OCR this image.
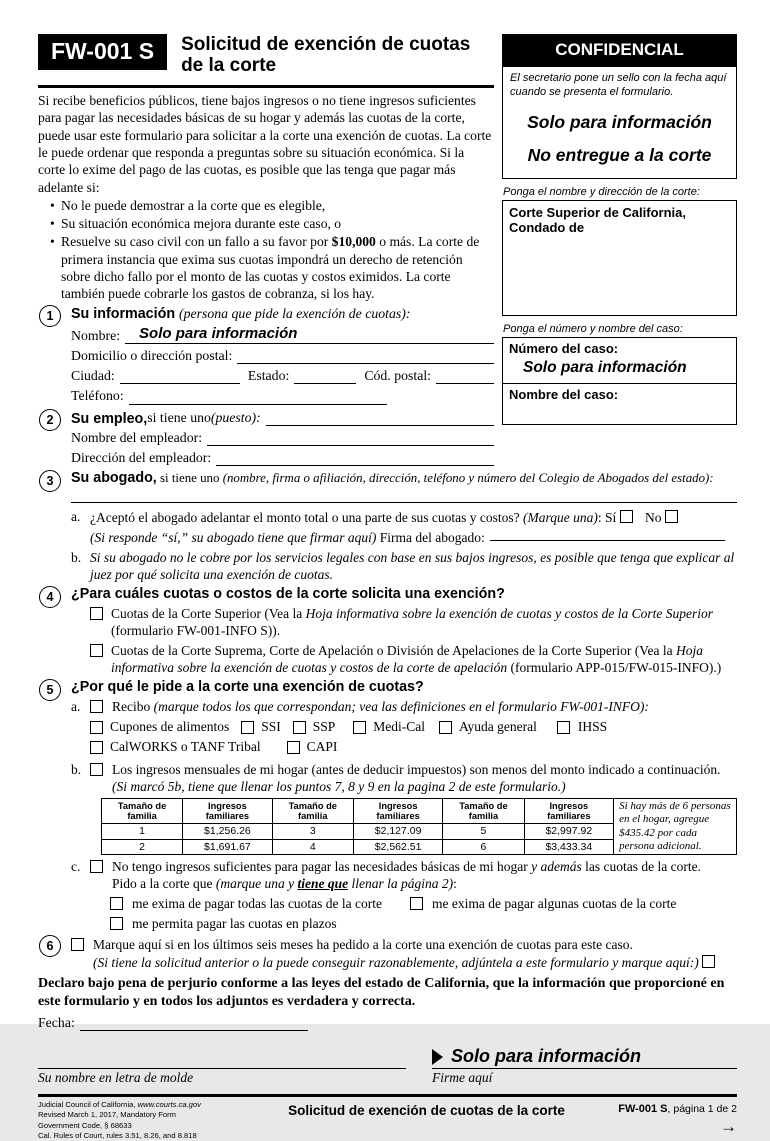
FW-001 S	Solicitud de exención de cuotas
de la corte

Si recibe beneficios públicos, tiene bajos ingresos o no tiene ingresos suficientes para pagar las necesidades básicas de su hogar y además las cuotas de la corte, puede usar este formulario para solicitar a la corte una exención de cuotas. La corte le puede ordenar que responda a preguntas sobre su situación económica. Si la corte lo exime del pago de las cuotas, es posible que las tenga que pagar más adelante si:

• No le puede demostrar a la corte que es elegible,
• Su situación económica mejora durante este caso, o
• Resuelve su caso civil con un fallo a su favor por $10,000 o más. La corte de primera instancia que exima sus cuotas impondrá un derecho de retención sobre dicho fallo por el monto de las cuotas y costos eximidos. La corte también puede cobrarle los gastos de cobranza, si los hay.
1	Su información (persona que pide la exención de cuotas):
Nombre:	Solo para información
Domicilio o dirección postal:
Ciudad:	Estado:	Cód. postal:
Teléfono:
2	Su empleo, si tiene uno (puesto):
Nombre del empleador:
Dirección del empleador:
CONFIDENCIAL
El secretario pone un sello con la fecha aquí cuando se presenta el formulario.
Solo para información
No entregue a la corte
Ponga el nombre y dirección de la corte:
Corte Superior de California, Condado de
Ponga el número y nombre del caso:
Número del caso:
Solo para información
Nombre del caso:
3	Su abogado, si tiene uno (nombre, firma o afiliación, dirección, teléfono y número del Colegio de Abogados del estado):
a. ¿Aceptó el abogado adelantar el monto total o una parte de sus cuotas y costos? (Marque una): Sí No
(Si responde “sí,” su abogado tiene que firmar aquí) Firma del abogado:
b. Si su abogado no le cobre por los servicios legales con base en sus bajos ingresos, es posible que tenga que explicar al juez por qué solicita una exención de cuotas.
4	¿Para cuáles cuotas o costos de la corte solicita una exención?
Cuotas de la Corte Superior (Vea la Hoja informativa sobre la exención de cuotas y costos de la Corte Superior (formulario FW-001-INFO S)).
Cuotas de la Corte Suprema, Corte de Apelación o División de Apelaciones de la Corte Superior (Vea la Hoja informativa sobre la exención de cuotas y costos de la corte de apelación (formulario APP-015/FW-015-INFO).)
5	¿Por qué le pide a la corte una exención de cuotas?
a.	Recibo (marque todos los que correspondan; vea las definiciones en el formulario FW-001-INFO):
Cupones de alimentos SSI SSP	Medi-Cal	Ayuda general	IHSS
CalWORKS o TANF Tribal	CAPI
b.	Los ingresos mensuales de mi hogar (antes de deducir impuestos) son menos del monto indicado a continuación. (Si marcó 5b, tiene que llenar los puntos 7, 8 y 9 en la pagina 2 de este formulario.)
Tamaño de familia	Ingresos familiares	Tamaño de familia	Ingresos familiares	Tamaño de familia	Ingresos familiares	Si hay más de 6 personas en el hogar, agregue $435.42 por cada persona adicional.
1	$1,256.26	3	$2,127.09	5	$2,997.92	
2	$1,691.67	4	$2,562.51	6	$3,433.34	
c.	No tengo ingresos suficientes para pagar las necesidades básicas de mi hogar y además las cuotas de la corte.
Pido a la corte que (marque una y tiene que llenar la página 2):
me exima de pagar todas las cuotas de la corte	me exima de pagar algunas cuotas de la corte
me permita pagar las cuotas en plazos
6	Marque aquí si en los últimos seis meses ha pedido a la corte una exención de cuotas para este caso.
(Si tiene la solicitud anterior o la puede conseguir razonablemente, adjúntela a este formulario y marque aquí:)

Declaro bajo pena de perjurio conforme a las leyes del estado de California, que la información que proporcioné en este formulario y en todos los adjuntos es verdadera y correcta.

Fecha:
Su nombre en letra de molde
Solo para información
Firme aquí
Judicial Council of California, www.courts.ca.gov
Revised March 1, 2017, Mandatory Form
Government Code, § 68633
Cal. Rules of Court, rules 3.51, 8.26, and 8.818
Solicitud de exención de cuotas de la corte	FW-001 S, página 1 de 2
→
